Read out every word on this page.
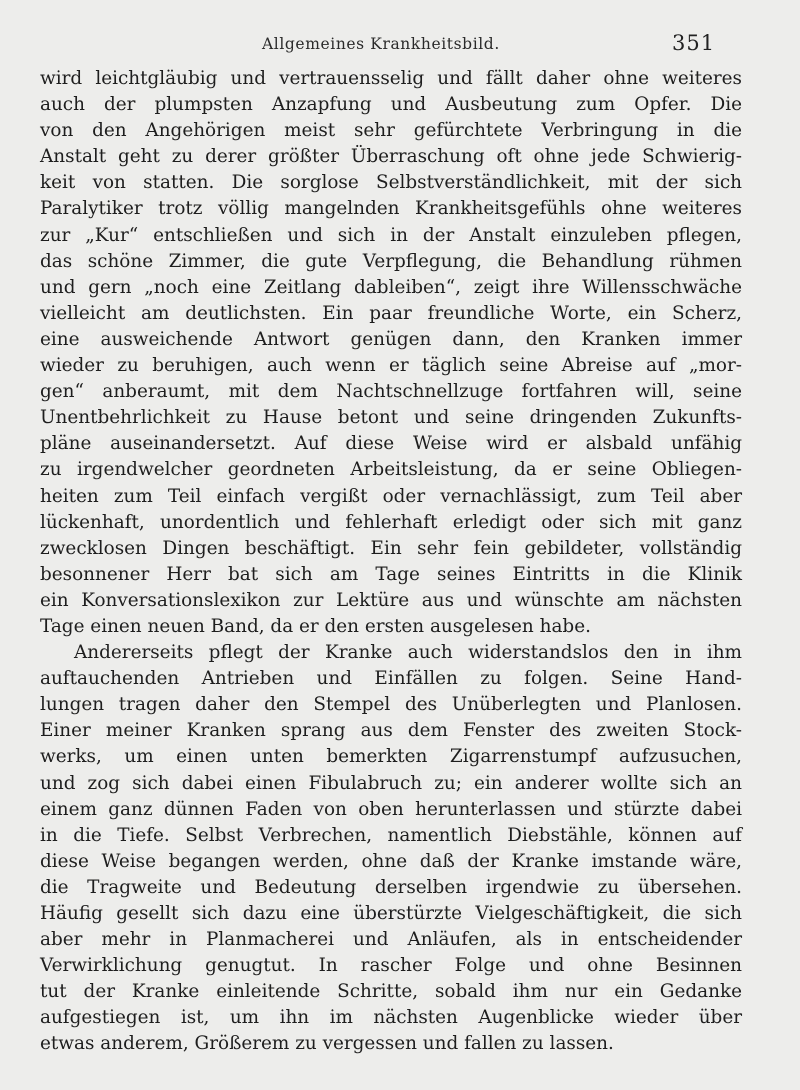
Allgemeines Krankheitsbild.	351
wird leichtgläubig und vertrauensselig und fällt daher ohne weiteres
auch der plumpsten Anzapfung und Ausbeutung zum Opfer. Die
von den Angehörigen meist sehr gefürchtete Verbringung in die
Anstalt geht zu derer größter Überraschung oft ohne jede Schwierig-
keit von statten. Die sorglose Selbstverständlichkeit, mit der sich
Paralytiker trotz völlig mangelnden Krankheitsgefühls ohne weiteres
zur „Kur“ entschließen und sich in der Anstalt einzuleben pflegen,
das schöne Zimmer, die gute Verpflegung, die Behandlung rühmen
und gern „noch eine Zeitlang dableiben“, zeigt ihre Willensschwäche
vielleicht am deutlichsten. Ein paar freundliche Worte, ein Scherz,
eine ausweichende Antwort genügen dann, den Kranken immer
wieder zu beruhigen, auch wenn er täglich seine Abreise auf „mor-
gen“ anberaumt, mit dem Nachtschnellzuge fortfahren will, seine
Unentbehrlichkeit zu Hause betont und seine dringenden Zukunfts-
pläne auseinandersetzt. Auf diese Weise wird er alsbald unfähig
zu irgendwelcher geordneten Arbeitsleistung, da er seine Obliegen-
heiten zum Teil einfach vergißt oder vernachlässigt, zum Teil aber
lückenhaft, unordentlich und fehlerhaft erledigt oder sich mit ganz
zwecklosen Dingen beschäftigt. Ein sehr fein gebildeter, vollständig
besonnener Herr bat sich am Tage seines Eintritts in die Klinik
ein Konversationslexikon zur Lektüre aus und wünschte am nächsten
Tage einen neuen Band, da er den ersten ausgelesen habe.
Andererseits pflegt der Kranke auch widerstandslos den in ihm
auftauchenden Antrieben und Einfällen zu folgen. Seine Hand-
lungen tragen daher den Stempel des Unüberlegten und Planlosen.
Einer meiner Kranken sprang aus dem Fenster des zweiten Stock-
werks, um einen unten bemerkten Zigarrenstumpf aufzusuchen,
und zog sich dabei einen Fibulabruch zu; ein anderer wollte sich an
einem ganz dünnen Faden von oben herunterlassen und stürzte dabei
in die Tiefe. Selbst Verbrechen, namentlich Diebstähle, können auf
diese Weise begangen werden, ohne daß der Kranke imstande wäre,
die Tragweite und Bedeutung derselben irgendwie zu übersehen.
Häufig gesellt sich dazu eine überstürzte Vielgeschäftigkeit, die sich
aber mehr in Planmacherei und Anläufen, als in entscheidender
Verwirklichung genugtut. In rascher Folge und ohne Besinnen
tut der Kranke einleitende Schritte, sobald ihm nur ein Gedanke
aufgestiegen ist, um ihn im nächsten Augenblicke wieder über
etwas anderem, Größerem zu vergessen und fallen zu lassen.
